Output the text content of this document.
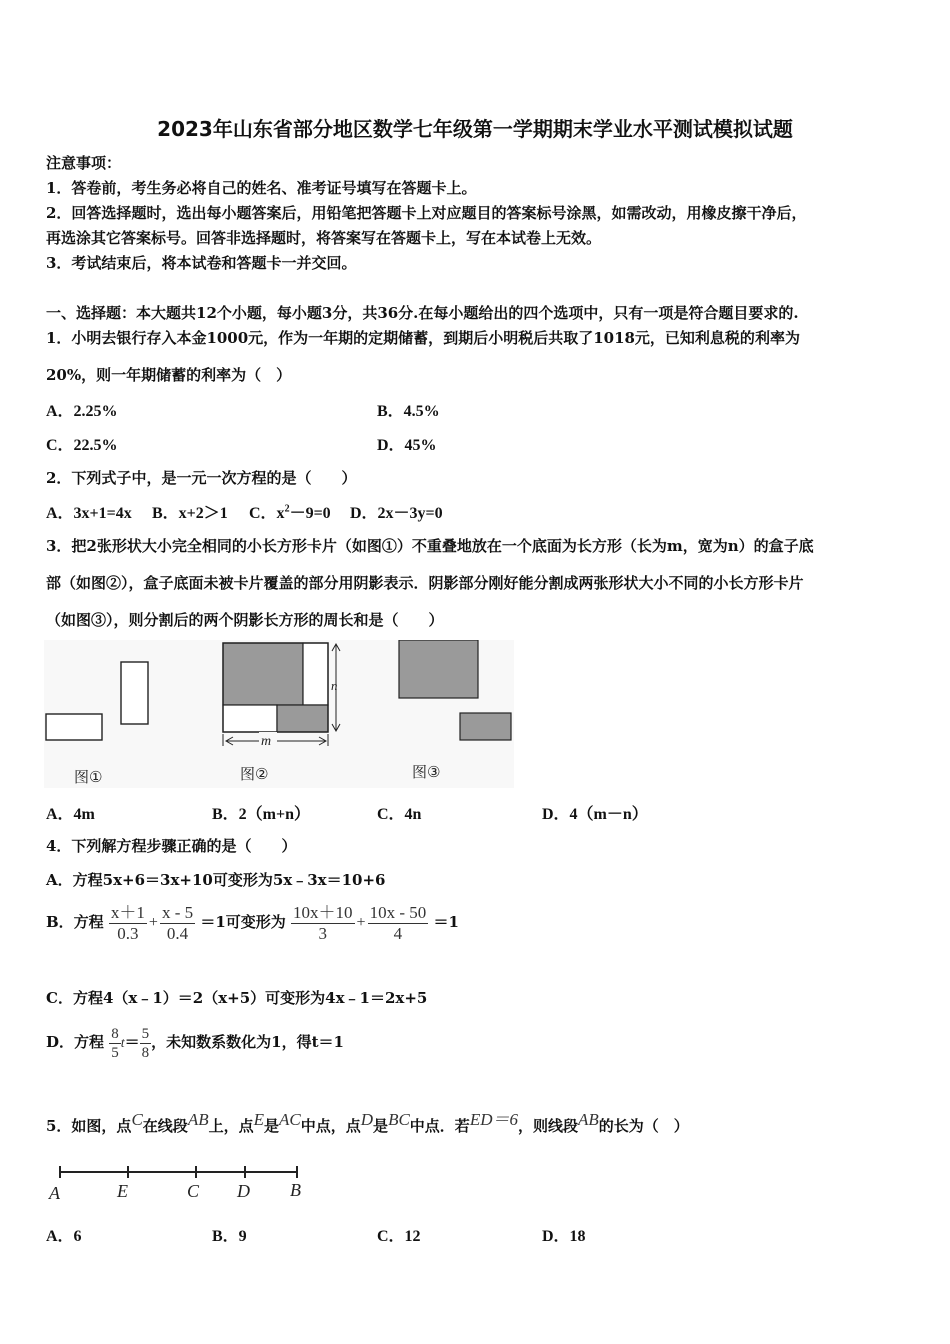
2023年山东省部分地区数学七年级第一学期期末学业水平测试模拟试题
注意事项：
1．答卷前，考生务必将自己的姓名、准考证号填写在答题卡上。
2．回答选择题时，选出每小题答案后，用铅笔把答题卡上对应题目的答案标号涂黑，如需改动，用橡皮擦干净后，
再选涂其它答案标号。回答非选择题时，将答案写在答题卡上，写在本试卷上无效。
3．考试结束后，将本试卷和答题卡一并交回。
一、选择题：本大题共12个小题，每小题3分，共36分.在每小题给出的四个选项中，只有一项是符合题目要求的.
1．小明去银行存入本金1000元，作为一年期的定期储蓄，到期后小明税后共取了1018元，已知利息税的利率为
20%，则一年期储蓄的利率为（　）
A．2.25%	B．4.5%
C．22.5%	D．45%
2．下列式子中，是一元一次方程的是（　　）
A．3x+1=4x B．x+2＞1 C．$x^2-9=0$ D．2x－3y=0
3．把2张形状大小完全相同的小长方形卡片（如图①）不重叠地放在一个底面为长方形（长为m，宽为n）的盒子底
部（如图②），盒子底面未被卡片覆盖的部分用阴影表示．阴影部分刚好能分割成两张形状大小不同的小长方形卡片
（如图③），则分割后的两个阴影长方形的周长和是（　　）
图①
n
m
图②	图③
A．4m	B．2（m+n）	C．4n	D．4（m－n）
4．下列解方程步骤正确的是（　　）
A．方程5x+6＝3x+10可变形为5x﹣3x＝10+6
B．方程 $\frac{x+1}{0.3} + \frac{x - 5}{0.4} =1$可变形为 $\frac{10x+10}{3} + \frac{10x - 50}{4} =1$
C．方程4（x﹣1）＝2（x+5）可变形为4x﹣1＝2x+5
D．方程 $\frac{8}{5} t= \frac{5}{8}$ ，未知数系数化为1，得t＝1
5．如图，点$^C$在线段$^{AB}$上，点$^E$是$^{AC}$中点，点$^D$是$^{BC}$中点．若$^{ED=6}$，则线段$^{AB}$的长为（　）
A	E	C D B
A．6	B．9	C．12	D．18
